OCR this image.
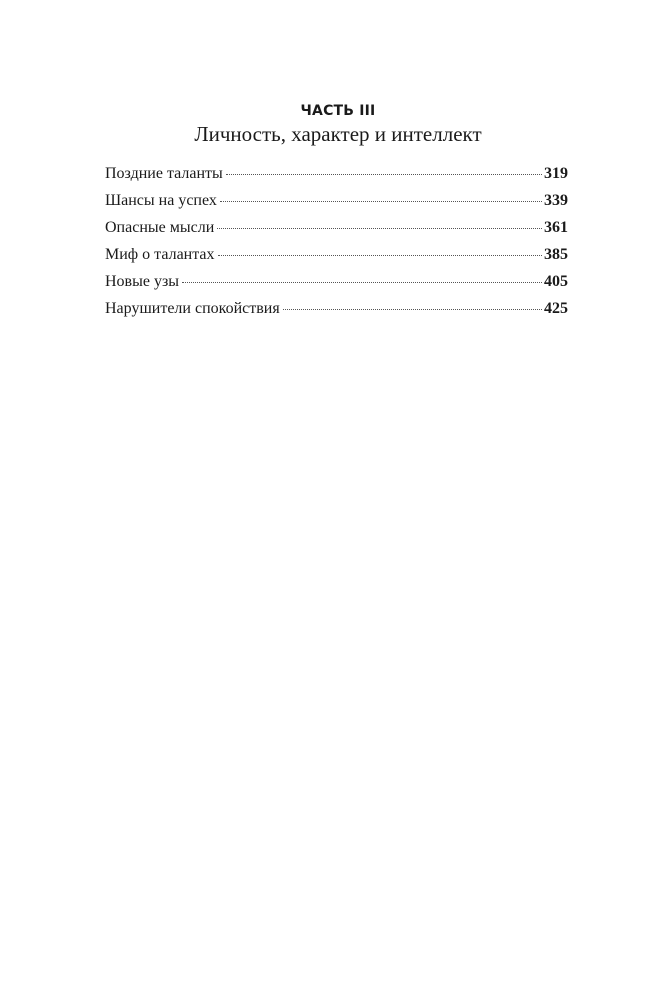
ЧАСТЬ III
Личность, характер и интеллект
Поздние таланты	319
Шансы на успех	339
Опасные мысли	361
Миф о талантах	385
Новые узы	405
Нарушители спокойствия	425
